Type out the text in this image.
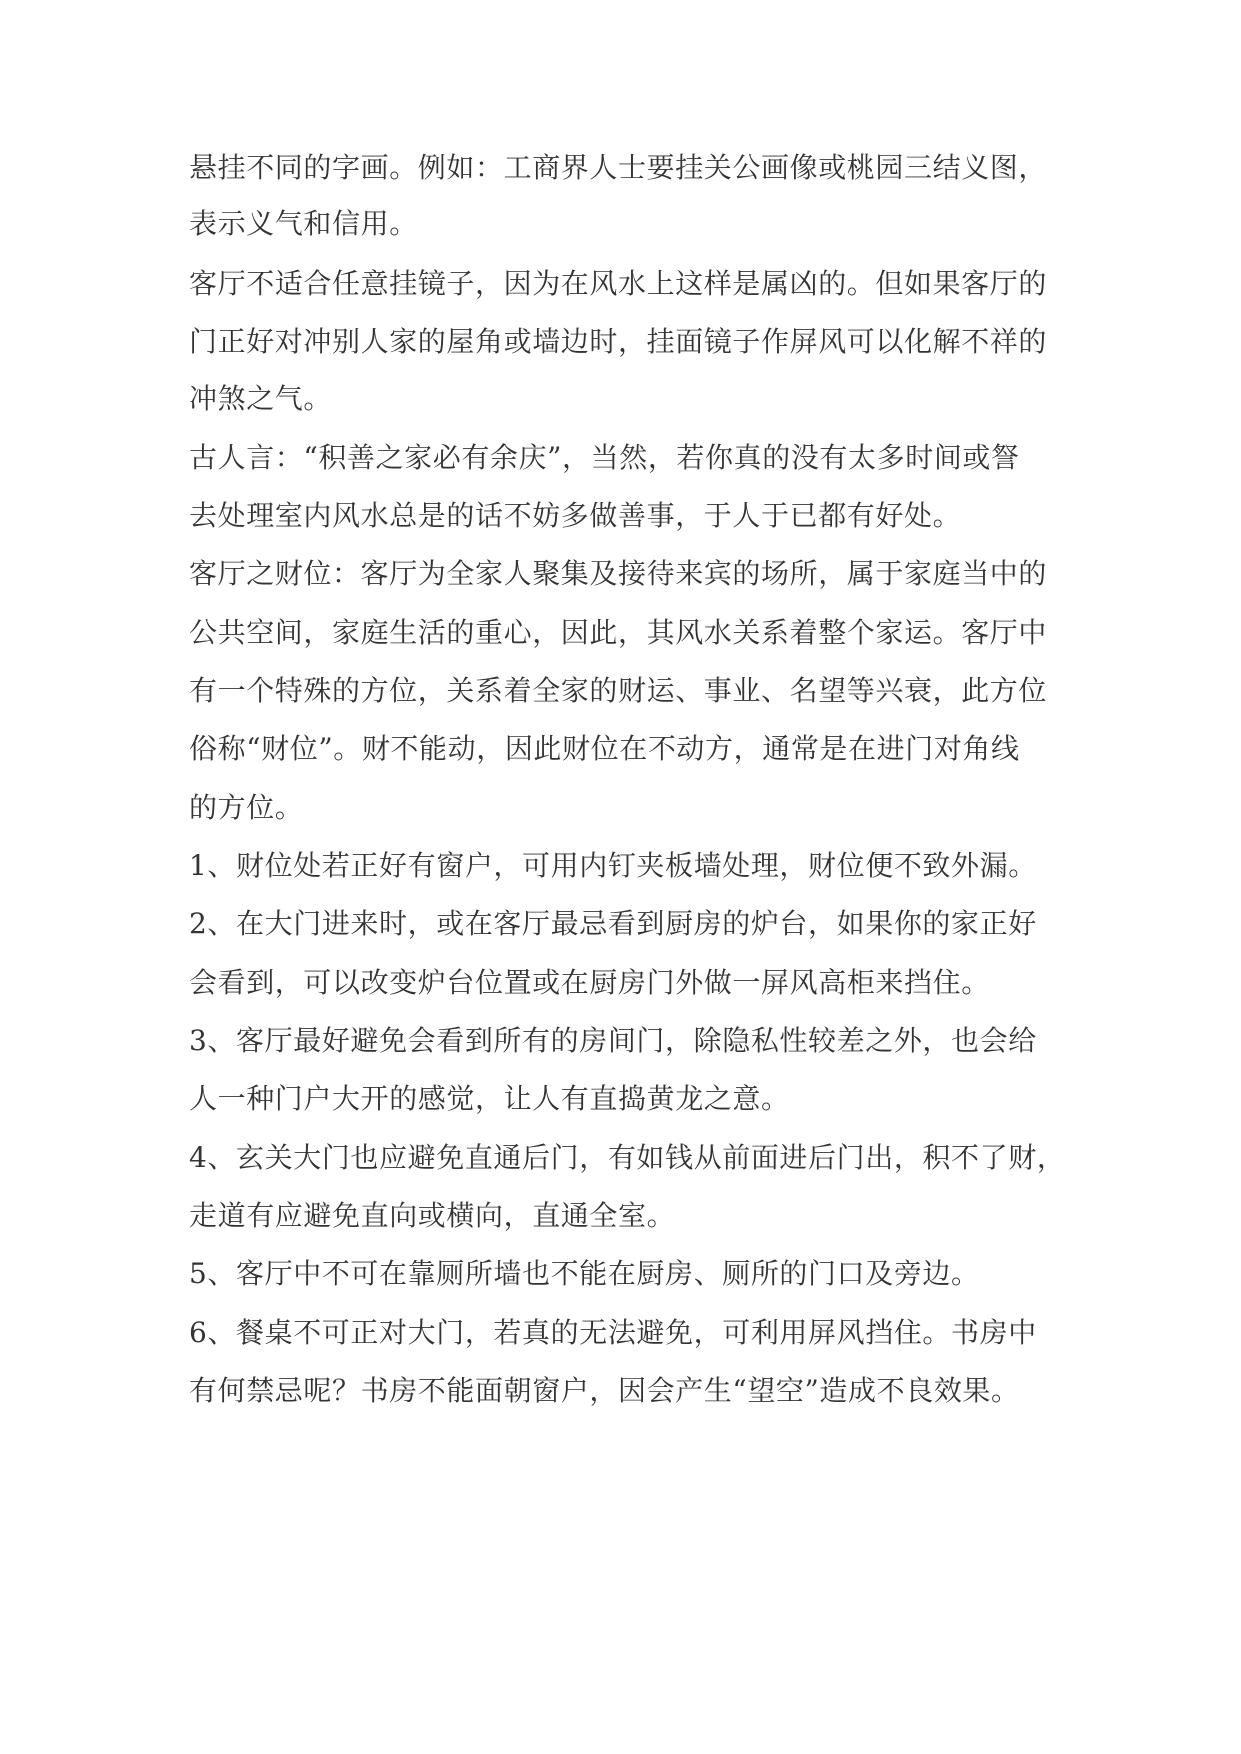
悬挂不同的字画。例如：工商界人士要挂关公画像或桃园三结义图，
表示义气和信用。
客厅不适合任意挂镜子，因为在风水上这样是属凶的。但如果客厅的
门正好对冲别人家的屋角或墙边时，挂面镜子作屏风可以化解不祥的
冲煞之气。
古人言：“积善之家必有余庆”，当然，若你真的没有太多时间或詧
去处理室内风水总是的话不妨多做善事，于人于已都有好处。
客厅之财位：客厅为全家人聚集及接待来宾的场所，属于家庭当中的
公共空间，家庭生活的重心，因此，其风水关系着整个家运。客厅中
有一个特殊的方位，关系着全家的财运、事业、名望等兴衰，此方位
俗称“财位”。财不能动，因此财位在不动方，通常是在进门对角线
的方位。
1、财位处若正好有窗户，可用内钉夹板墙处理，财位便不致外漏。
2、在大门进来时，或在客厅最忌看到厨房的炉台，如果你的家正好
会看到，可以改变炉台位置或在厨房门外做一屏风高柜来挡住。
3、客厅最好避免会看到所有的房间门，除隐私性较差之外，也会给
人一种门户大开的感觉，让人有直捣黄龙之意。
4、玄关大门也应避免直通后门，有如钱从前面进后门出，积不了财，
走道有应避免直向或横向，直通全室。
5、客厅中不可在靠厕所墙也不能在厨房、厕所的门口及旁边。
6、餐桌不可正对大门，若真的无法避免，可利用屏风挡住。书房中
有何禁忌呢？书房不能面朝窗户，因会产生“望空”造成不良效果。
